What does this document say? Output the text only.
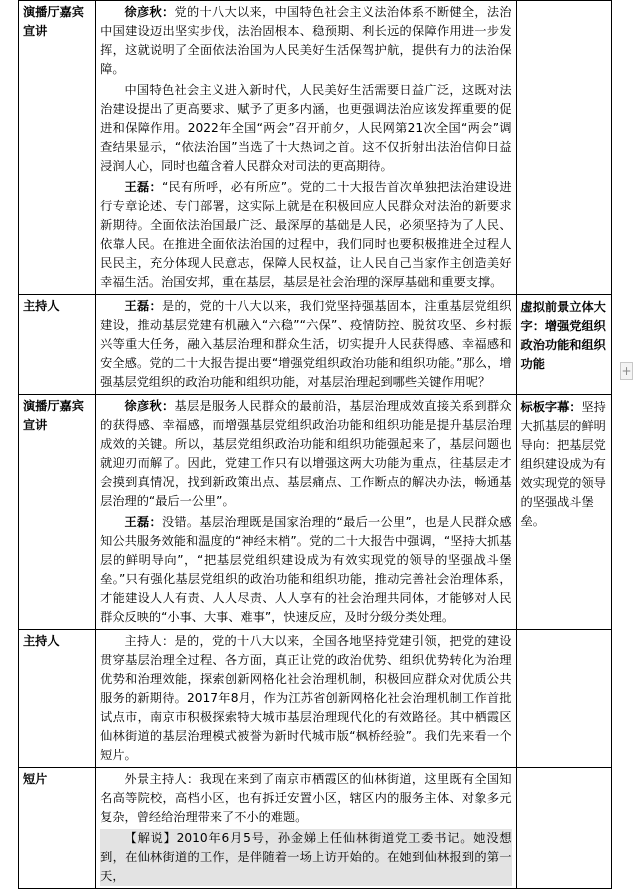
演播厅嘉宾宣讲	徐彦秋：党的十八大以来，中国特色社会主义法治体系不断健全，法治中国建设迈出坚实步伐，法治固根本、稳预期、利长远的保障作用进一步发挥，这就说明了全面依法治国为人民美好生活保驾护航，提供有力的法治保障。

中国特色社会主义进入新时代，人民美好生活需要日益广泛，这既对法治建设提出了更高要求、赋予了更多内涵，也更强调法治应该发挥重要的促进和保障作用。2022年全国“两会”召开前夕，人民网第21次全国“两会”调查结果显示，“依法治国”当选了十大热词之首。这不仅折射出法治信仰日益浸润人心，同时也蕴含着人民群众对司法的更高期待。

王磊：“民有所呼，必有所应”。党的二十大报告首次单独把法治建设进行专章论述、专门部署，这实际上就是在积极回应人民群众对法治的新要求新期待。全面依法治国最广泛、最深厚的基础是人民，必须坚持为了人民、依靠人民。在推进全面依法治国的过程中，我们同时也要积极推进全过程人民民主，充分体现人民意志，保障人民权益，让人民自己当家作主创造美好幸福生活。治国安邦，重在基层，基层是社会治理的深厚基础和重要支撑。	

主持人	王磊：是的，党的十八大以来，我们党坚持强基固本，注重基层党组织建设，推动基层党建有机融入“六稳”“六保”、疫情防控、脱贫攻坚、乡村振兴等重大任务，融入基层治理和群众生活，切实提升人民获得感、幸福感和安全感。党的二十大报告提出要“增强党组织政治功能和组织功能。”那么，增强基层党组织的政治功能和组织功能，对基层治理起到哪些关键作用呢？	虚拟前景立体大字：增强党组织政治功能和组织功能
演播厅嘉宾宣讲	徐彦秋：基层是服务人民群众的最前沿，基层治理成效直接关系到群众的获得感、幸福感，而增强基层党组织政治功能和组织功能是提升基层治理成效的关键。所以，基层党组织政治功能和组织功能强起来了，基层问题也就迎刃而解了。因此，党建工作只有以增强这两大功能为重点，往基层走才会摸到真情况，找到新政策出点、基层痛点、工作断点的解决办法，畅通基层治理的“最后一公里”。

王磊：没错。基层治理既是国家治理的“最后一公里”，也是人民群众感知公共服务效能和温度的“神经末梢”。党的二十大报告中强调，“坚持大抓基层的鲜明导向”，“把基层党组织建设成为有效实现党的领导的坚强战斗堡垒。”只有强化基层党组织的政治功能和组织功能，推动完善社会治理体系，才能建设人人有责、人人尽责、人人享有的社会治理共同体，才能够对人民群众反映的“小事、大事、难事”，快速反应，及时分级分类处理。	标板字幕：坚持大抓基层的鲜明导向：把基层党组织建设成为有效实现党的领导的坚强战斗堡垒。
主持人	主持人：是的，党的十八大以来，全国各地坚持党建引领，把党的建设贯穿基层治理全过程、各方面，真正让党的政治优势、组织优势转化为治理优势和治理效能，探索创新网格化社会治理机制，积极回应群众对优质公共服务的新期待。2017年8月，作为江苏省创新网格化社会治理机制工作首批试点市，南京市积极探索特大城市基层治理现代化的有效路径。其中栖霞区仙林街道的基层治理模式被誉为新时代城市版“枫桥经验”。我们先来看一个短片。	

短片	外景主持人：我现在来到了南京市栖霞区的仙林街道，这里既有全国知名高等院校，高档小区，也有拆迁安置小区，辖区内的服务主体、对象多元复杂，曾经给治理带来了不小的难题。

【解说】2010年6月5号，孙金娣上任仙林街道党工委书记。她没想到，在仙林街道的工作，是伴随着一场上访开始的。在她到仙林报到的第一天，	

+
